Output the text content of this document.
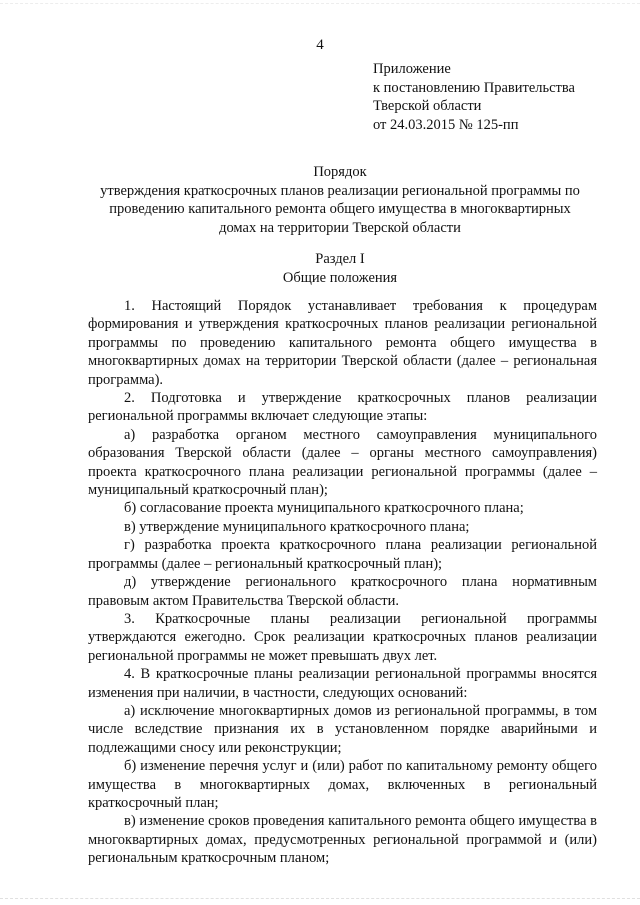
4
Приложение
к постановлению Правительства
Тверской области
от 24.03.2015 № 125-пп
Порядок
утверждения краткосрочных планов реализации региональной программы по
проведению капитального ремонта общего имущества в многоквартирных
домах на территории Тверской области
Раздел I
Общие положения

1. Настоящий Порядок устанавливает требования к процедурам формирования и утверждения краткосрочных планов реализации региональной программы по проведению капитального ремонта общего имущества в многоквартирных домах на территории Тверской области (далее – региональная программа).

2. Подготовка и утверждение краткосрочных планов реализации региональной программы включает следующие этапы:

а) разработка органом местного самоуправления муниципального образования Тверской области (далее – органы местного самоуправления) проекта краткосрочного плана реализации региональной программы (далее – муниципальный краткосрочный план);

б) согласование проекта муниципального краткосрочного плана;

в) утверждение муниципального краткосрочного плана;

г) разработка проекта краткосрочного плана реализации региональной программы (далее – региональный краткосрочный план);

д) утверждение регионального краткосрочного плана нормативным правовым актом Правительства Тверской области.

3. Краткосрочные планы реализации региональной программы утверждаются ежегодно. Срок реализации краткосрочных планов реализации региональной программы не может превышать двух лет.

4. В краткосрочные планы реализации региональной программы вносятся изменения при наличии, в частности, следующих оснований:

а) исключение многоквартирных домов из региональной программы, в том числе вследствие признания их в установленном порядке аварийными и подлежащими сносу или реконструкции;

б) изменение перечня услуг и (или) работ по капитальному ремонту общего имущества в многоквартирных домах, включенных в региональный краткосрочный план;

в) изменение сроков проведения капитального ремонта общего имущества в многоквартирных домах, предусмотренных региональной программой и (или) региональным краткосрочным планом;
